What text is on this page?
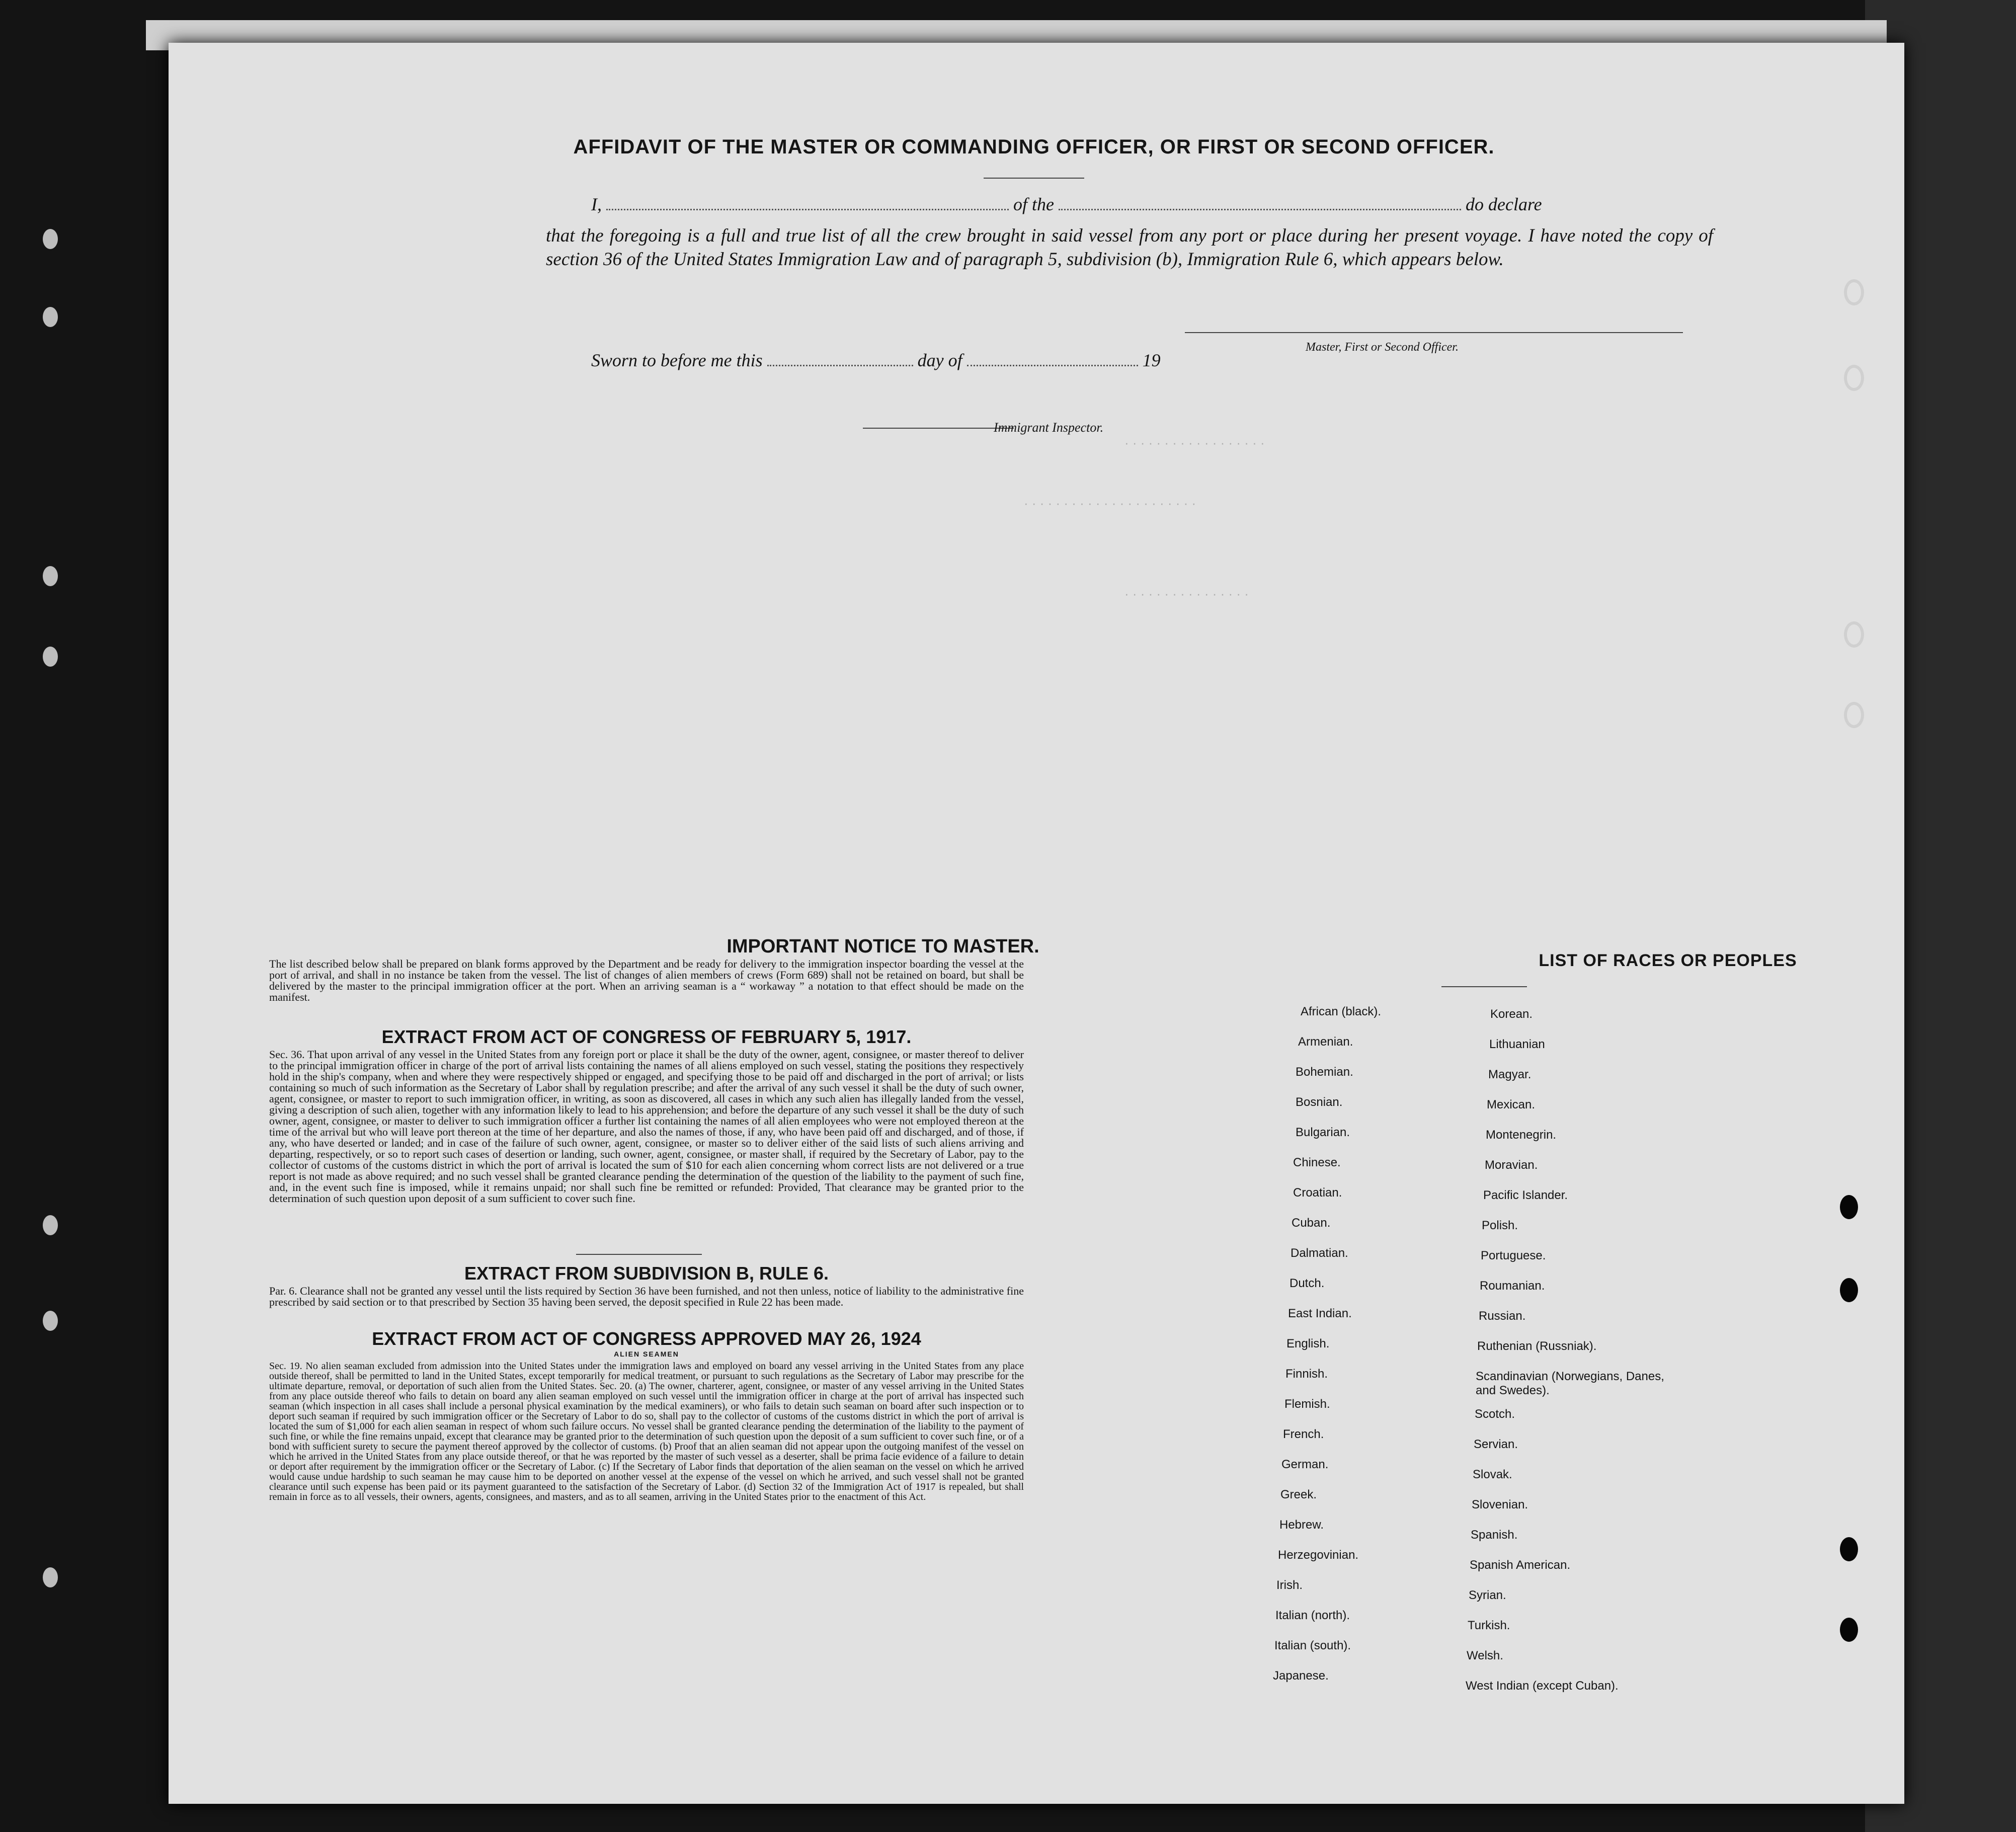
· · · · · · · · · · · · · · · · · ·
· · · · · · · · · · · · · · · · · · · · · ·
· · · · · · · · · · · · · · · ·
AFFIDAVIT OF THE MASTER OR COMMANDING OFFICER, OR FIRST OR SECOND OFFICER.
I,	of the	do declare
that the foregoing is a full and true list of all the crew brought in said vessel from any port or place during her present voyage. I have noted the copy of section 36 of the United States Immigration Law and of paragraph 5, subdivision (b), Immigration Rule 6, which appears below.
Master, First or Second Officer.
Sworn to before me this	day of	19
Immigrant Inspector.
IMPORTANT NOTICE TO MASTER.
The list described below shall be prepared on blank forms approved by the Department and be ready for delivery to the immigration inspector boarding the vessel at the port of arrival, and shall in no instance be taken from the vessel. The list of changes of alien members of crews (Form 689) shall not be retained on board, but shall be delivered by the master to the principal immigration officer at the port. When an arriving seaman is a “ workaway ” a notation to that effect should be made on the manifest.
EXTRACT FROM ACT OF CONGRESS OF FEBRUARY 5, 1917.
Sec. 36. That upon arrival of any vessel in the United States from any foreign port or place it shall be the duty of the owner, agent, consignee, or master thereof to deliver to the principal immigration officer in charge of the port of arrival lists containing the names of all aliens employed on such vessel, stating the positions they respectively hold in the ship's company, when and where they were respectively shipped or engaged, and specifying those to be paid off and discharged in the port of arrival; or lists containing so much of such information as the Secretary of Labor shall by regulation prescribe; and after the arrival of any such vessel it shall be the duty of such owner, agent, consignee, or master to report to such immigration officer, in writing, as soon as discovered, all cases in which any such alien has illegally landed from the vessel, giving a description of such alien, together with any information likely to lead to his apprehension; and before the departure of any such vessel it shall be the duty of such owner, agent, consignee, or master to deliver to such immigration officer a further list containing the names of all alien employees who were not employed thereon at the time of the arrival but who will leave port thereon at the time of her departure, and also the names of those, if any, who have been paid off and discharged, and of those, if any, who have deserted or landed; and in case of the failure of such owner, agent, consignee, or master so to deliver either of the said lists of such aliens arriving and departing, respectively, or so to report such cases of desertion or landing, such owner, agent, consignee, or master shall, if required by the Secretary of Labor, pay to the collector of customs of the customs district in which the port of arrival is located the sum of $10 for each alien concerning whom correct lists are not delivered or a true report is not made as above required; and no such vessel shall be granted clearance pending the determination of the question of the liability to the payment of such fine, and, in the event such fine is imposed, while it remains unpaid; nor shall such fine be remitted or refunded: Provided, That clearance may be granted prior to the determination of such question upon deposit of a sum sufficient to cover such fine.
EXTRACT FROM SUBDIVISION B, RULE 6.
Par. 6. Clearance shall not be granted any vessel until the lists required by Section 36 have been furnished, and not then unless, notice of liability to the administrative fine prescribed by said section or to that prescribed by Section 35 having been served, the deposit specified in Rule 22 has been made.
EXTRACT FROM ACT OF CONGRESS APPROVED MAY 26, 1924
ALIEN SEAMEN
Sec. 19. No alien seaman excluded from admission into the United States under the immigration laws and employed on board any vessel arriving in the United States from any place outside thereof, shall be permitted to land in the United States, except temporarily for medical treatment, or pursuant to such regulations as the Secretary of Labor may prescribe for the ultimate departure, removal, or deportation of such alien from the United States. Sec. 20. (a) The owner, charterer, agent, consignee, or master of any vessel arriving in the United States from any place outside thereof who fails to detain on board any alien seaman employed on such vessel until the immigration officer in charge at the port of arrival has inspected such seaman (which inspection in all cases shall include a personal physical examination by the medical examiners), or who fails to detain such seaman on board after such inspection or to deport such seaman if required by such immigration officer or the Secretary of Labor to do so, shall pay to the collector of customs of the customs district in which the port of arrival is located the sum of $1,000 for each alien seaman in respect of whom such failure occurs. No vessel shall be granted clearance pending the determination of the liability to the payment of such fine, or while the fine remains unpaid, except that clearance may be granted prior to the determination of such question upon the deposit of a sum sufficient to cover such fine, or of a bond with sufficient surety to secure the payment thereof approved by the collector of customs. (b) Proof that an alien seaman did not appear upon the outgoing manifest of the vessel on which he arrived in the United States from any place outside thereof, or that he was reported by the master of such vessel as a deserter, shall be prima facie evidence of a failure to detain or deport after requirement by the immigration officer or the Secretary of Labor. (c) If the Secretary of Labor finds that deportation of the alien seaman on the vessel on which he arrived would cause undue hardship to such seaman he may cause him to be deported on another vessel at the expense of the vessel on which he arrived, and such vessel shall not be granted clearance until such expense has been paid or its payment guaranteed to the satisfaction of the Secretary of Labor. (d) Section 32 of the Immigration Act of 1917 is repealed, but shall remain in force as to all vessels, their owners, agents, consignees, and masters, and as to all seamen, arriving in the United States prior to the enactment of this Act.
LIST OF RACES OR PEOPLES
African (black).
Armenian.
Bohemian.
Bosnian.
Bulgarian.
Chinese.
Croatian.
Cuban.
Dalmatian.
Dutch.
East Indian.
English.
Finnish.
Flemish.
French.
German.
Greek.
Hebrew.
Herzegovinian.
Irish.
Italian (north).
Italian (south).
Japanese.
Korean.
Lithuanian
Magyar.
Mexican.
Montenegrin.
Moravian.
Pacific Islander.
Polish.
Portuguese.
Roumanian.
Russian.
Ruthenian (Russniak).
Scandinavian (Norwegians, Danes, and Swedes).
Scotch.
Servian.
Slovak.
Slovenian.
Spanish.
Spanish American.
Syrian.
Turkish.
Welsh.
West Indian (except Cuban).
